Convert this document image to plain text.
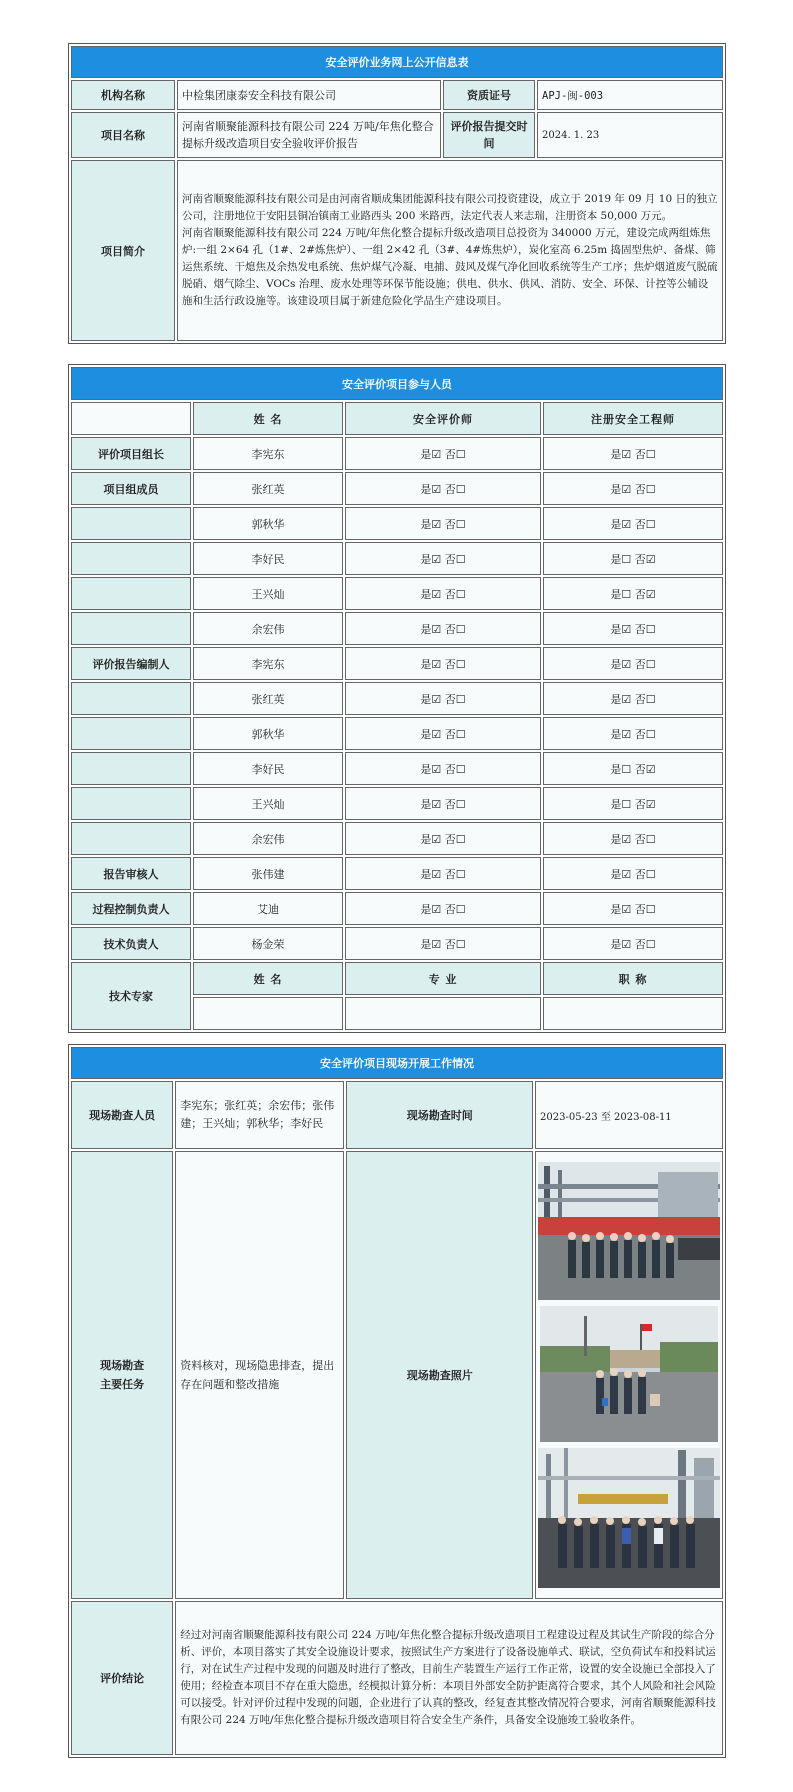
安全评价业务网上公开信息表			
机构名称	中检集团康泰安全科技有限公司	资质证号	APJ-闽-003
项目名称	河南省顺聚能源科技有限公司 224 万吨/年焦化整合提标升级改造项目安全验收评价报告	评价报告提交时间	2024. 1. 23
项目简介	河南省顺聚能源科技有限公司是由河南省顺成集团能源科技有限公司投资建设，成立于 2019 年 09 月 10 日的独立公司，注册地位于安阳县铜冶镇南工业路西头 200 米路西，法定代表人来志瑞，注册资本 50,000 万元。
河南省顺聚能源科技有限公司 224 万吨/年焦化整合提标升级改造项目总投资为 340000 万元，建设完成两组炼焦炉:一组 2×64 孔（1#、2#炼焦炉）、一组 2×42 孔（3#、4#炼焦炉），炭化室高 6.25m 捣固型焦炉、备煤、筛运焦系统、干熄焦及余热发电系统、焦炉煤气冷凝、电捕、鼓风及煤气净化回收系统等生产工序；焦炉烟道废气脱硫脱硝、烟气除尘、VOCs 治理、废水处理等环保节能设施；供电、供水、供风、消防、安全、环保、计控等公辅设施和生活行政设施等。该建设项目属于新建危险化学品生产建设项目。		
安全评价项目参与人员			
	姓 名	安全评价师	注册安全工程师
评价项目组长	李宪东	是☑ 否☐	是☑ 否☐
项目组成员	张红英	是☑ 否☐	是☑ 否☐
	郭秋华	是☑ 否☐	是☑ 否☐
	李好民	是☑ 否☐	是☐ 否☑
	王兴灿	是☑ 否☐	是☐ 否☑
	余宏伟	是☑ 否☐	是☑ 否☐
评价报告编制人	李宪东	是☑ 否☐	是☑ 否☐
	张红英	是☑ 否☐	是☑ 否☐
	郭秋华	是☑ 否☐	是☑ 否☐
	李好民	是☑ 否☐	是☐ 否☑
	王兴灿	是☑ 否☐	是☐ 否☑
	余宏伟	是☑ 否☐	是☑ 否☐
报告审核人	张伟建	是☑ 否☐	是☑ 否☐
过程控制负责人	艾迪	是☑ 否☐	是☑ 否☐
技术负责人	杨金荣	是☑ 否☐	是☑ 否☐
技术专家	姓 名	专 业	职 称

安全评价项目现场开展工作情况			
现场勘查人员	李宪东；张红英；余宏伟；张伟建；王兴灿；郭秋华；李好民	现场勘查时间	2023-05-23 至 2023-08-11

现场勘查
主要任务	资料核对，现场隐患排查，提出存在问题和整改措施	现场勘查照片	

评价结论	经过对河南省顺聚能源科技有限公司 224 万吨/年焦化整合提标升级改造项目工程建设过程及其试生产阶段的综合分析、评价，本项目落实了其安全设施设计要求，按照试生产方案进行了设备设施单式、联试，空负荷试车和投料试运行，对在试生产过程中发现的问题及时进行了整改，目前生产装置生产运行工作正常，设置的安全设施已全部投入了使用；经检查本项目不存在重大隐患，经模拟计算分析：本项目外部安全防护距离符合要求，其个人风险和社会风险可以接受。针对评价过程中发现的问题，企业进行了认真的整改，经复查其整改情况符合要求，河南省顺聚能源科技有限公司 224 万吨/年焦化整合提标升级改造项目符合安全生产条件，具备安全设施竣工验收条件。		
